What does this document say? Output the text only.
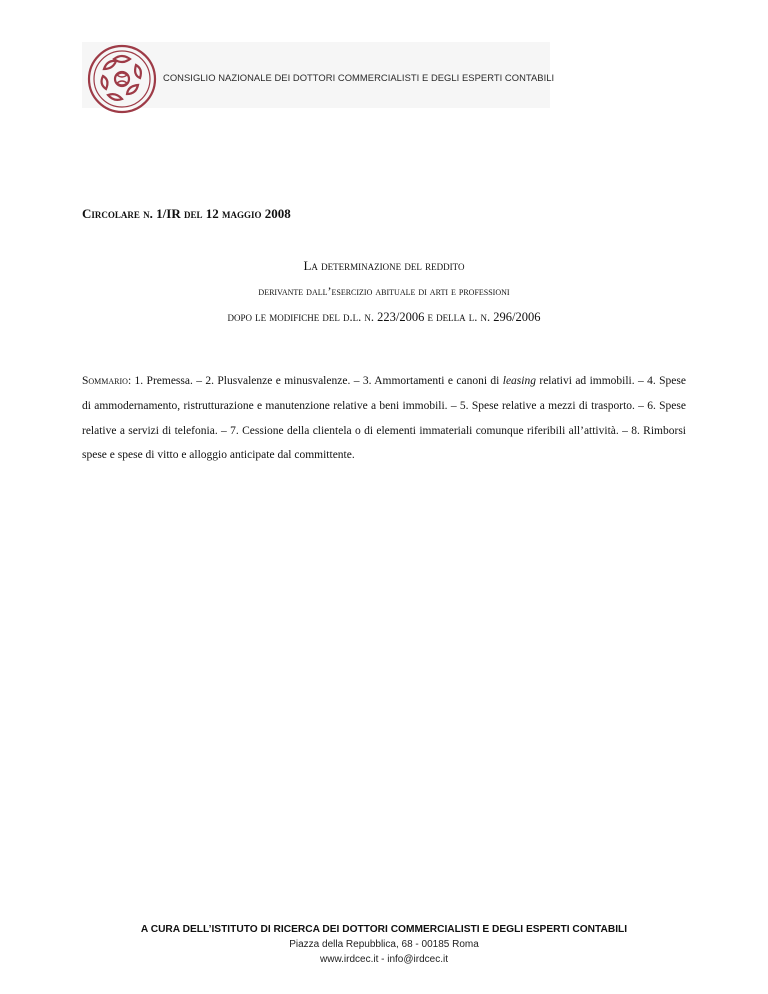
CONSIGLIO NAZIONALE DEI DOTTORI COMMERCIALISTI E DEGLI ESPERTI CONTABILI
Circolare n. 1/IR del 12 maggio 2008
La determinazione del reddito
derivante dall’esercizio abituale di arti e professioni
dopo le modifiche del d.l. n. 223/2006 e della l. n. 296/2006
Sommario: 1. Premessa. – 2. Plusvalenze e minusvalenze. – 3. Ammortamenti e canoni di leasing relativi ad immobili. – 4. Spese di ammodernamento, ristrutturazione e manutenzione relative a beni immobili. – 5. Spese relative a mezzi di trasporto. – 6. Spese relative a servizi di telefonia. – 7. Cessione della clientela o di elementi immateriali comunque riferibili all’attività. – 8. Rimborsi spese e spese di vitto e alloggio anticipate dal committente.
A CURA DELL’ISTITUTO DI RICERCA DEI DOTTORI COMMERCIALISTI E DEGLI ESPERTI CONTABILI
Piazza della Repubblica, 68 - 00185 Roma
www.irdcec.it - info@irdcec.it
